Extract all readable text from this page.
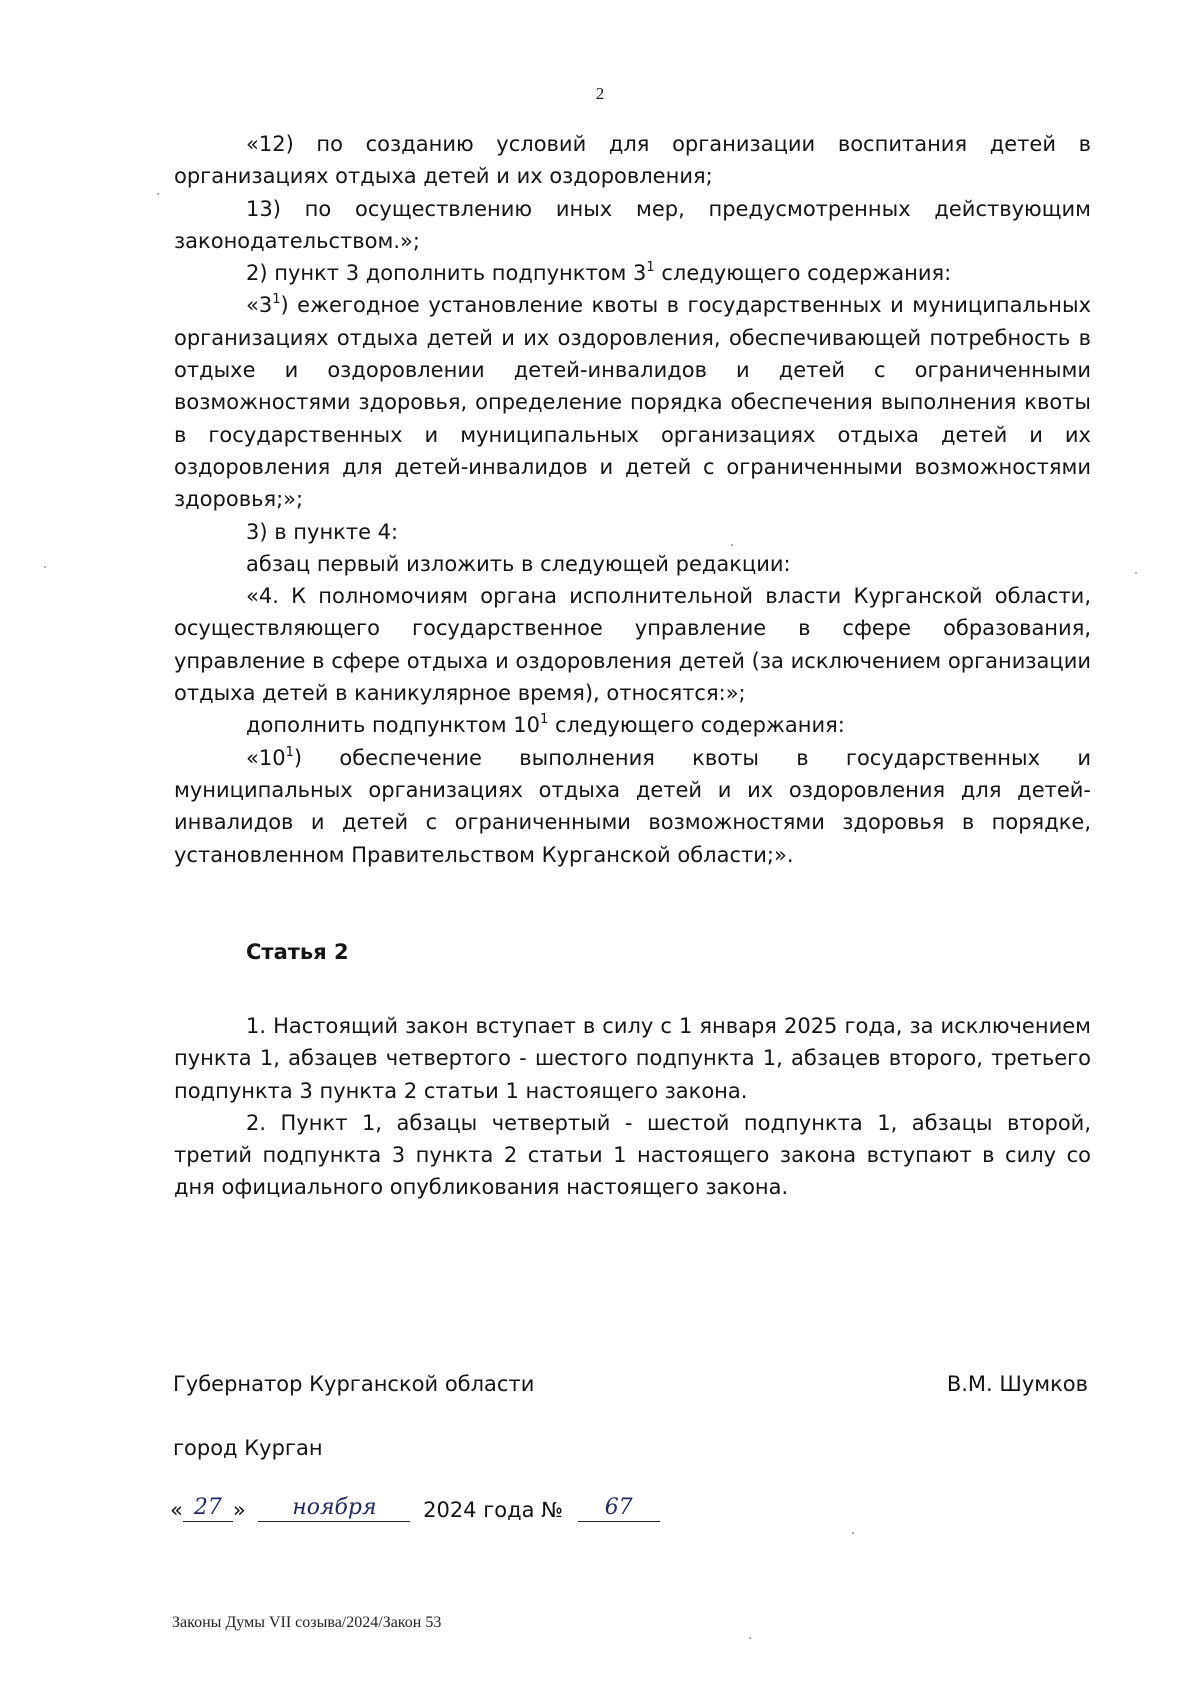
2

«12) по созданию условий для организации воспитания детей в организациях отдыха детей и их оздоровления;

13) по осуществлению иных мер, предусмотренных действующим законодательством.»;

2) пункт 3 дополнить подпунктом $3^1$ следующего содержания:

«$3^1$) ежегодное установление квоты в государственных и муниципальных организациях отдыха детей и их оздоровления, обеспечивающей потребность в отдыхе и оздоровлении детей-инвалидов и детей с ограниченными возможностями здоровья, определение порядка обеспечения выполнения квоты в государственных и муниципальных организациях отдыха детей и их оздоровления для детей-инвалидов и детей с ограниченными возможностями здоровья;»;

3) в пункте 4:

абзац первый изложить в следующей редакции:

«4. К полномочиям органа исполнительной власти Курганской области, осуществляющего государственное управление в сфере образования, управление в сфере отдыха и оздоровления детей (за исключением организации отдыха детей в каникулярное время), относятся:»;

дополнить подпунктом $10^1$ следующего содержания:

«$10^1$) обеспечение выполнения квоты в государственных и муниципальных организациях отдыха детей и их оздоровления для детей-инвалидов и детей с ограниченными возможностями здоровья в порядке, установленном Правительством Курганской области;».

Статья 2

1. Настоящий закон вступает в силу с 1 января 2025 года, за исключением пункта 1, абзацев четвертого - шестого подпункта 1, абзацев второго, третьего подпункта 3 пункта 2 статьи 1 настоящего закона.

2. Пункт 1, абзацы четвертый - шестой подпункта 1, абзацы второй, третий подпункта 3 пункта 2 статьи 1 настоящего закона вступают в силу со дня официального опубликования настоящего закона.

Губернатор Курганской области	В.М. Шумков
город Курган
« 27 » ноября 2024 года № 67
Законы Думы VII созыва/2024/Закон 53
